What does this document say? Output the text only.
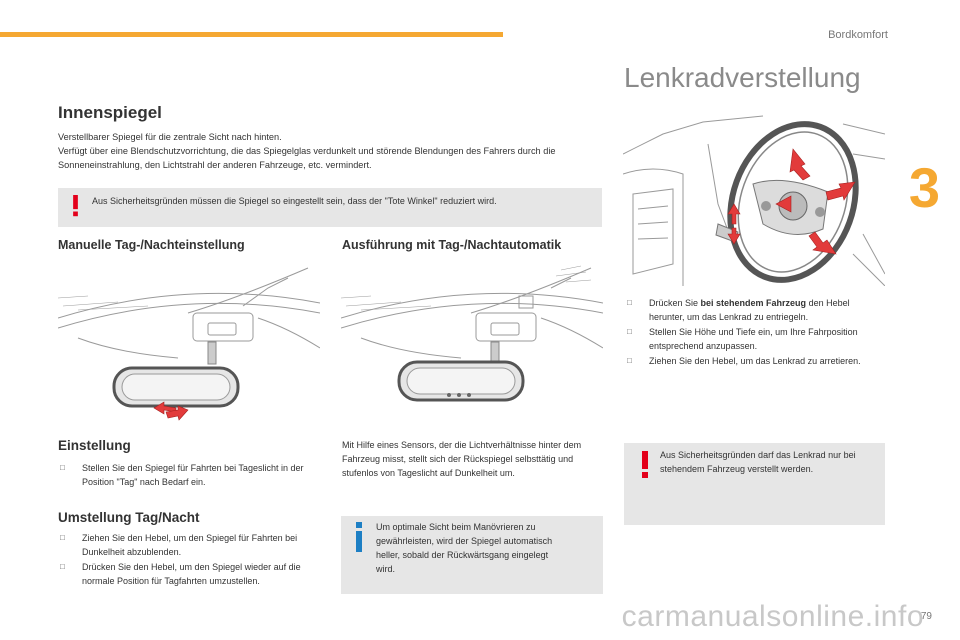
Bordkomfort
3
Lenkradverstellung
□ Drücken Sie bei stehendem Fahrzeug den Hebel herunter, um das Lenkrad zu entriegeln.
□ Stellen Sie Höhe und Tiefe ein, um Ihre Fahrposition entsprechend anzupassen.
□ Ziehen Sie den Hebel, um das Lenkrad zu arretieren.
Aus Sicherheitsgründen darf das Lenkrad nur bei stehendem Fahrzeug verstellt werden.
Innenspiegel
Verstellbarer Spiegel für die zentrale Sicht nach hinten.
Verfügt über eine Blendschutzvorrichtung, die das Spiegelglas verdunkelt und störende Blendungen des Fahrers durch die Sonneneinstrahlung, den Lichtstrahl der anderen Fahrzeuge, etc. vermindert.
Aus Sicherheitsgründen müssen die Spiegel so eingestellt sein, dass der "Tote Winkel" reduziert wird.
Manuelle Tag-/Nachteinstellung	Ausführung mit Tag-/Nachtautomatik
Einstellung
□ Stellen Sie den Spiegel für Fahrten bei Tageslicht in der Position "Tag" nach Bedarf ein.
Umstellung Tag/Nacht
□ Ziehen Sie den Hebel, um den Spiegel für Fahrten bei Dunkelheit abzublenden.
□ Drücken Sie den Hebel, um den Spiegel wieder auf die normale Position für Tagfahrten umzustellen.
Mit Hilfe eines Sensors, der die Lichtverhältnisse hinter dem Fahrzeug misst, stellt sich der Rückspiegel selbsttätig und stufenlos von Tageslicht auf Dunkelheit um.
Um optimale Sicht beim Manövrieren zu gewährleisten, wird der Spiegel automatisch heller, sobald der Rückwärtsgang eingelegt wird.
carmanualsonline.info
79
